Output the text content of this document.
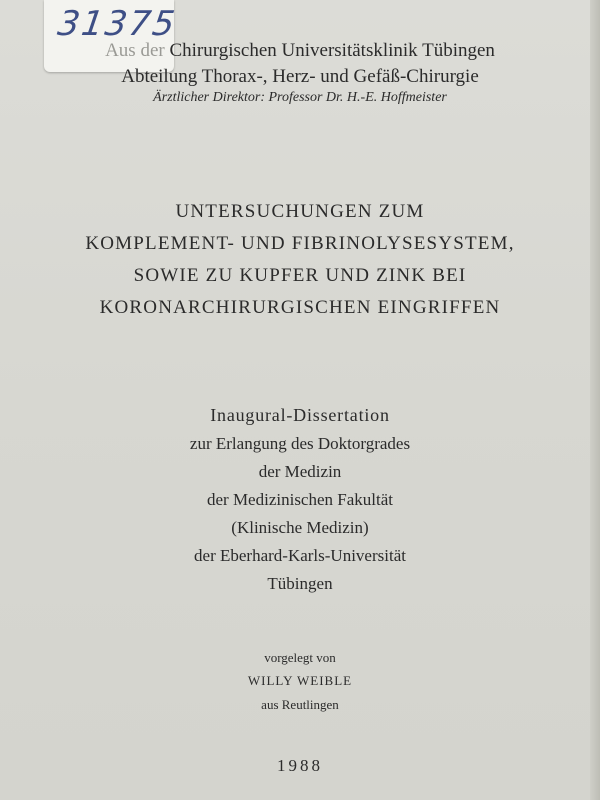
31375
Aus der Chirurgischen Universitätsklinik Tübingen
Abteilung Thorax-, Herz- und Gefäß-Chirurgie
Ärztlicher Direktor: Professor Dr. H.-E. Hoffmeister
UNTERSUCHUNGEN ZUM
KOMPLEMENT- UND FIBRINOLYSESYSTEM,
SOWIE ZU KUPFER UND ZINK BEI
KORONARCHIRURGISCHEN EINGRIFFEN
Inaugural-Dissertation
zur Erlangung des Doktorgrades
der Medizin
der Medizinischen Fakultät
(Klinische Medizin)
der Eberhard-Karls-Universität
Tübingen
vorgelegt von
WILLY WEIBLE
aus Reutlingen
1988
